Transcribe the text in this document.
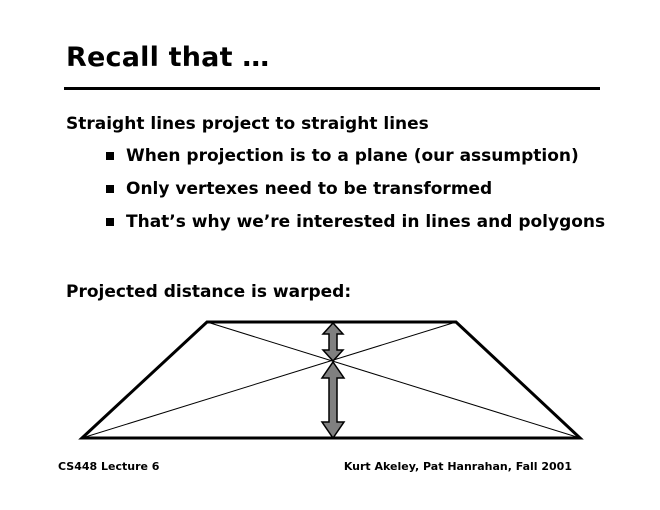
Recall that …
Straight lines project to straight lines
When projection is to a plane (our assumption)
Only vertexes need to be transformed
That’s why we’re interested in lines and polygons
Projected distance is warped:
CS448 Lecture 6	Kurt Akeley, Pat Hanrahan, Fall 2001
